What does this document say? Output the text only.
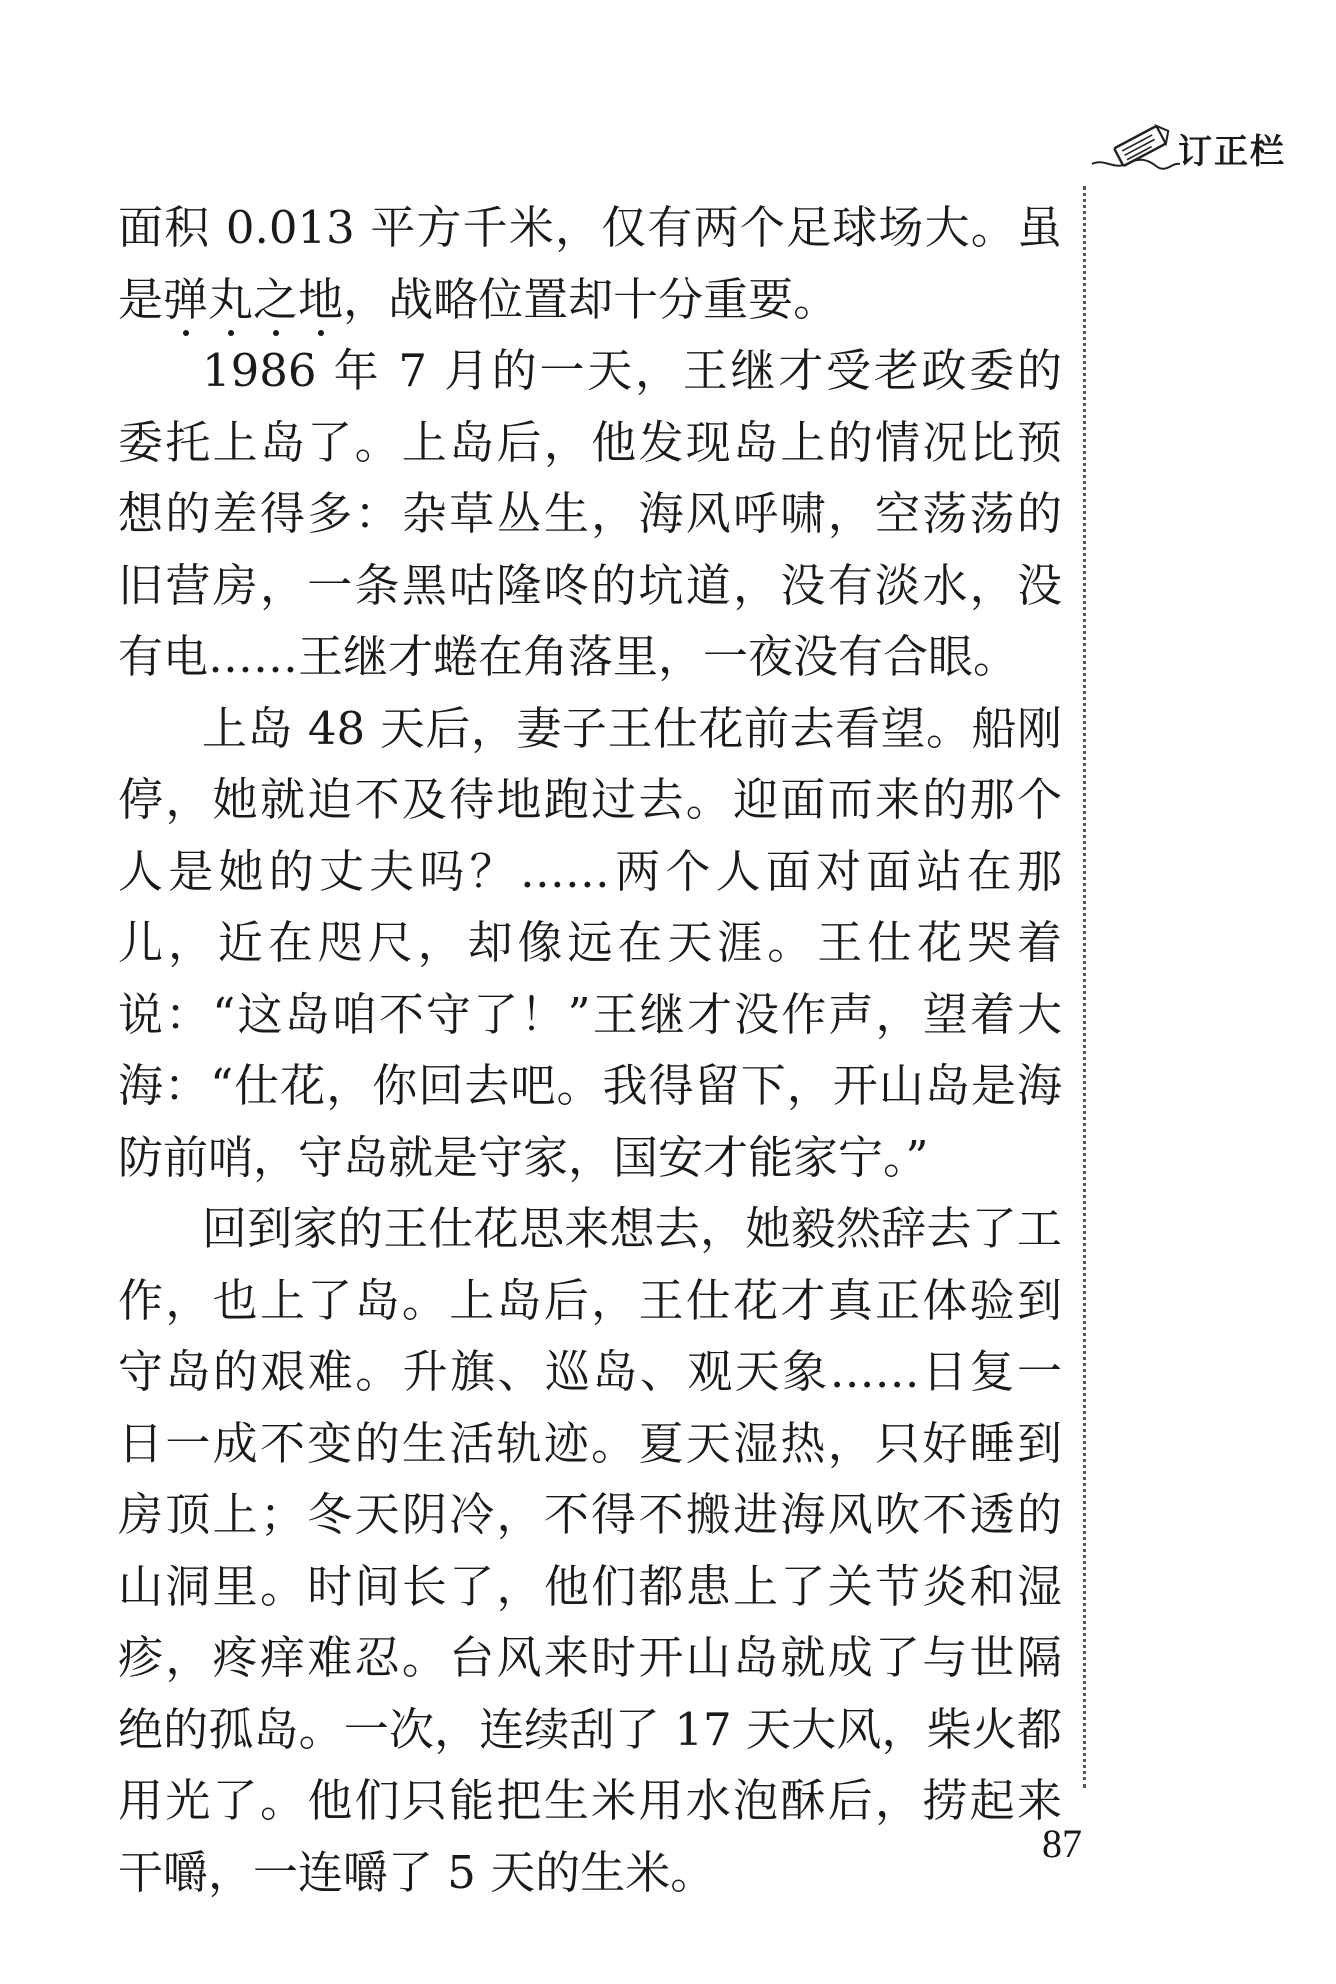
订正栏

面积 0.013 平方千米，仅有两个足球场大。虽是弹丸之地，战略位置却十分重要。

1986 年 7 月的一天，王继才受老政委的委托上岛了。上岛后，他发现岛上的情况比预想的差得多：杂草丛生，海风呼啸，空荡荡的旧营房，一条黑咕隆咚的坑道，没有淡水，没有电……王继才蜷在角落里，一夜没有合眼。

上岛 48 天后，妻子王仕花前去看望。船刚停，她就迫不及待地跑过去。迎面而来的那个人是她的丈夫吗？……两个人面对面站在那儿，近在咫尺，却像远在天涯。王仕花哭着说：“这岛咱不守了！”王继才没作声，望着大海：“仕花，你回去吧。我得留下，开山岛是海防前哨，守岛就是守家，国安才能家宁。”

回到家的王仕花思来想去，她毅然辞去了工作，也上了岛。上岛后，王仕花才真正体验到守岛的艰难。升旗、巡岛、观天象……日复一日一成不变的生活轨迹。夏天湿热，只好睡到房顶上；冬天阴冷，不得不搬进海风吹不透的山洞里。时间长了，他们都患上了关节炎和湿疹，疼痒难忍。台风来时开山岛就成了与世隔绝的孤岛。一次，连续刮了 17 天大风，柴火都用光了。他们只能把生米用水泡酥后，捞起来干嚼，一连嚼了 5 天的生米。

87
